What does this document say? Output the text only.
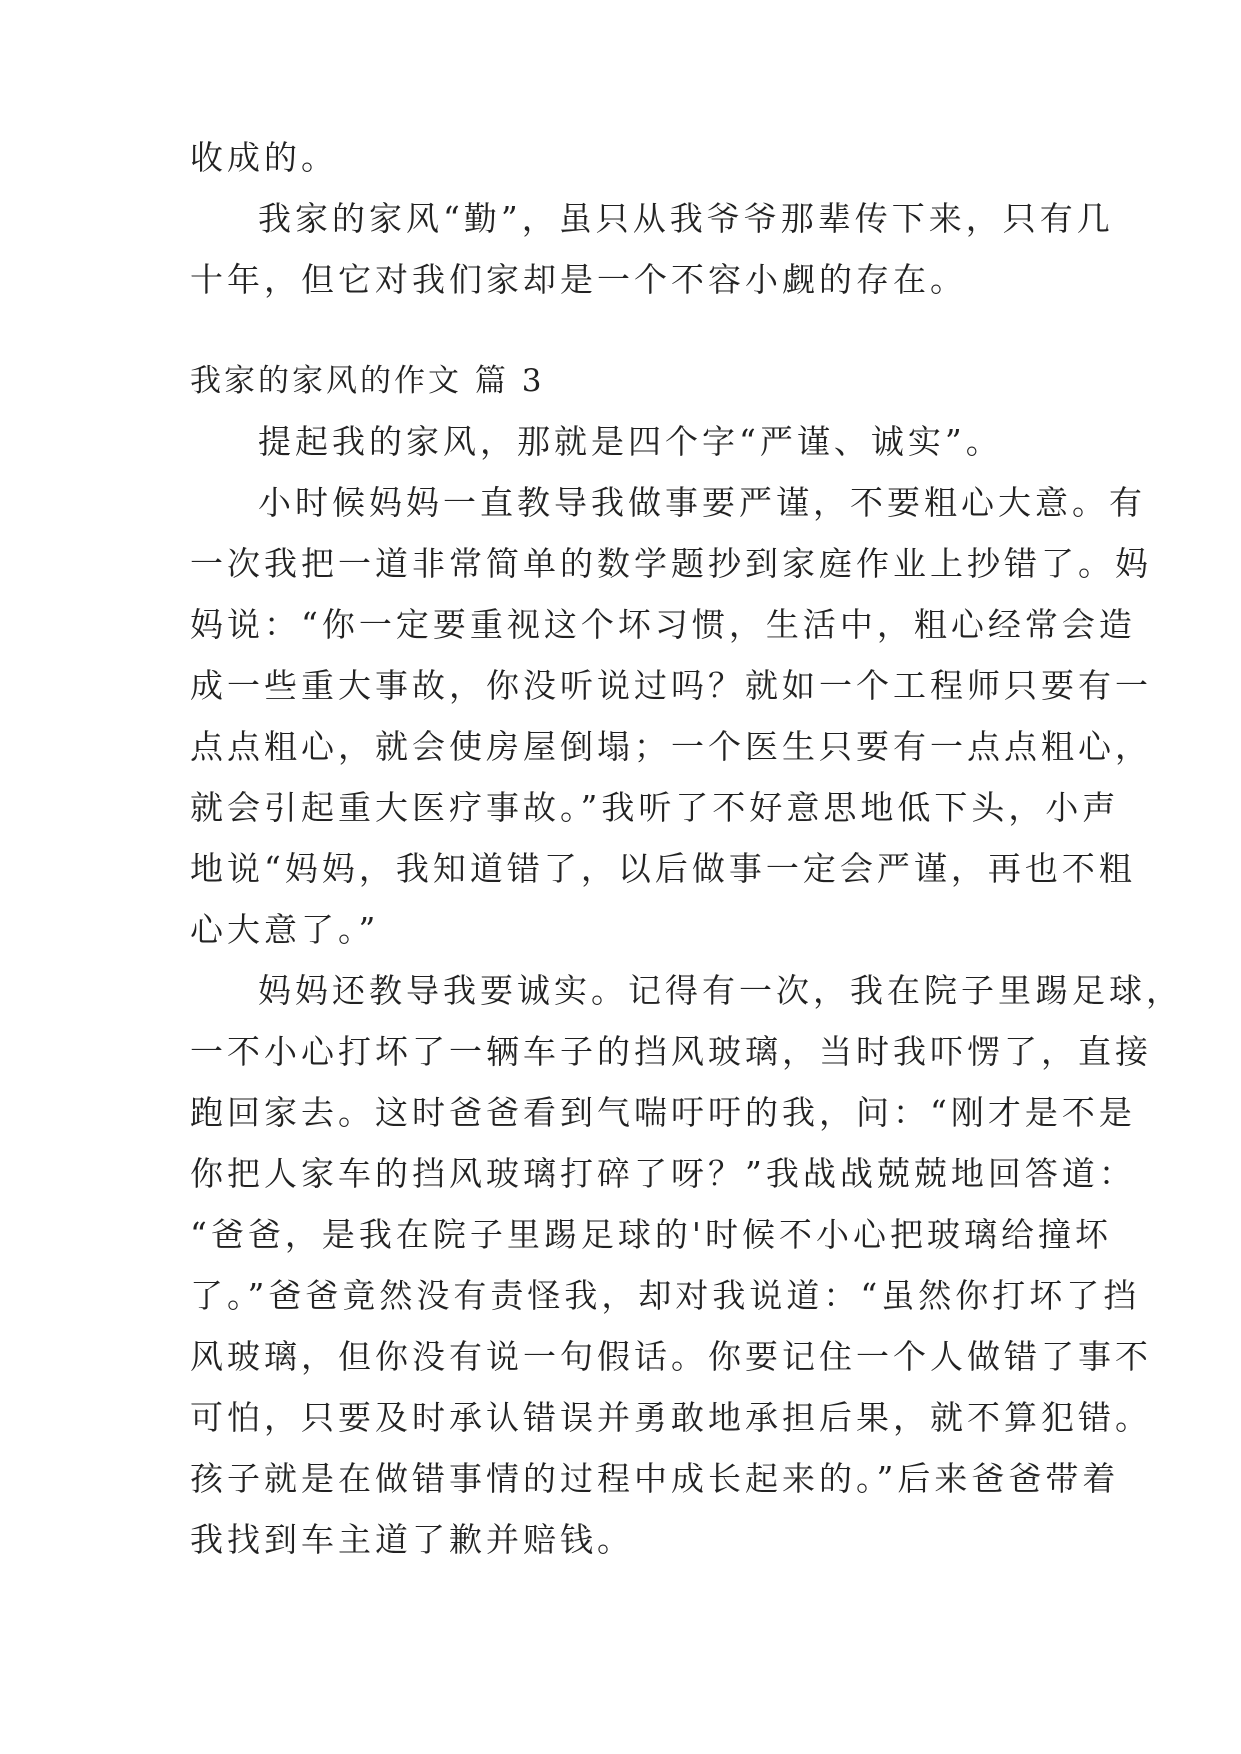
收成的。
我家的家风“勤”，虽只从我爷爷那辈传下来，只有几
十年，但它对我们家却是一个不容小觑的存在。
我家的家风的作文 篇 3
提起我的家风，那就是四个字“严谨、诚实”。
小时候妈妈一直教导我做事要严谨，不要粗心大意。有
一次我把一道非常简单的数学题抄到家庭作业上抄错了。妈
妈说：“你一定要重视这个坏习惯，生活中，粗心经常会造
成一些重大事故，你没听说过吗？就如一个工程师只要有一
点点粗心，就会使房屋倒塌；一个医生只要有一点点粗心，
就会引起重大医疗事故。”我听了不好意思地低下头，小声
地说“妈妈，我知道错了，以后做事一定会严谨，再也不粗
心大意了。”
妈妈还教导我要诚实。记得有一次，我在院子里踢足球，
一不小心打坏了一辆车子的挡风玻璃，当时我吓愣了，直接
跑回家去。这时爸爸看到气喘吁吁的我，问：“刚才是不是
你把人家车的挡风玻璃打碎了呀？”我战战兢兢地回答道：
“爸爸，是我在院子里踢足球的'时候不小心把玻璃给撞坏
了。”爸爸竟然没有责怪我，却对我说道：“虽然你打坏了挡
风玻璃，但你没有说一句假话。你要记住一个人做错了事不
可怕，只要及时承认错误并勇敢地承担后果，就不算犯错。
孩子就是在做错事情的过程中成长起来的。”后来爸爸带着
我找到车主道了歉并赔钱。
